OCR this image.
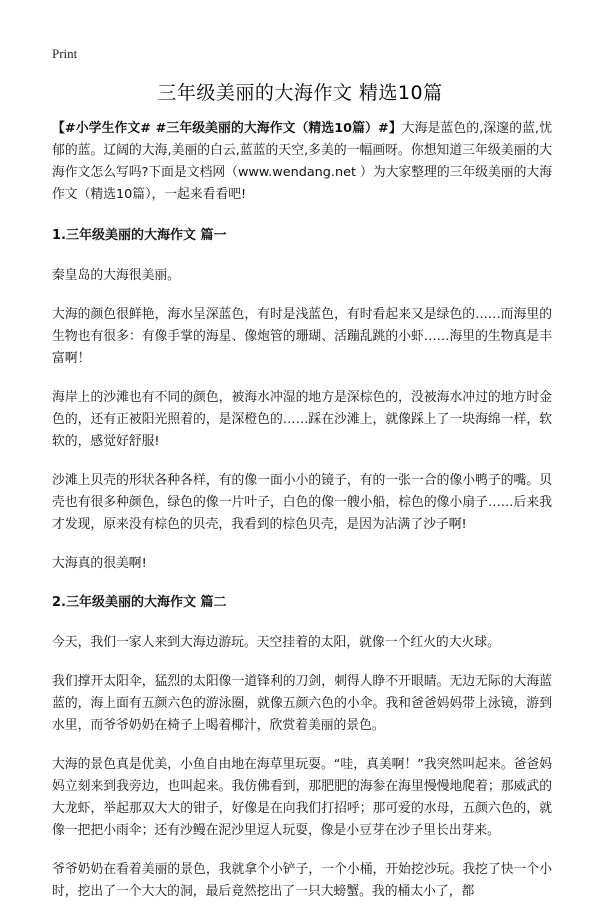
Print
三年级美丽的大海作文 精选10篇

【#小学生作文# #三年级美丽的大海作文（精选10篇）#】大海是蓝色的,深邃的蓝,忧郁的蓝。辽阔的大海,美丽的白云,蓝蓝的天空,多美的一幅画呀。你想知道三年级美丽的大海作文怎么写吗?下面是文档网（www.wendang.net ）为大家整理的三年级美丽的大海作文（精选10篇），一起来看看吧!

1.三年级美丽的大海作文 篇一

秦皇岛的大海很美丽。

大海的颜色很鲜艳，海水呈深蓝色，有时是浅蓝色，有时看起来又是绿色的……而海里的生物也有很多：有像手掌的海星、像炮管的珊瑚、活蹦乱跳的小虾……海里的生物真是丰富啊！

海岸上的沙滩也有不同的颜色，被海水冲湿的地方是深棕色的，没被海水冲过的地方时金色的，还有正被阳光照着的，是深橙色的……踩在沙滩上，就像踩上了一块海绵一样，软软的，感觉好舒服!

沙滩上贝壳的形状各种各样，有的像一面小小的镜子，有的一张一合的像小鸭子的嘴。贝壳也有很多种颜色，绿色的像一片叶子，白色的像一艘小船，棕色的像小扇子……后来我才发现，原来没有棕色的贝壳，我看到的棕色贝壳，是因为沾满了沙子啊!

大海真的很美啊!

2.三年级美丽的大海作文 篇二

今天，我们一家人来到大海边游玩。天空挂着的太阳，就像一个红火的大火球。

我们撑开太阳伞，猛烈的太阳像一道锋利的刀剑，刺得人睁不开眼睛。无边无际的大海蓝蓝的，海上面有五颜六色的游泳圈，就像五颜六色的小伞。我和爸爸妈妈带上泳镜，游到水里，而爷爷奶奶在椅子上喝着椰汁，欣赏着美丽的景色。

大海的景色真是优美，小鱼自由地在海草里玩耍。“哇，真美啊！”我突然叫起来。爸爸妈妈立刻来到我旁边，也叫起来。我仿佛看到，那肥肥的海参在海里慢慢地爬着；那威武的大龙虾，举起那双大大的钳子，好像是在向我们打招呼；那可爱的水母，五颜六色的，就像一把把小雨伞；还有沙鳗在泥沙里逗人玩耍，像是小豆芽在沙子里长出芽来。

爷爷奶奶在看着美丽的景色，我就拿个小铲子，一个小桶，开始挖沙玩。我挖了快一个小时，挖出了一个大大的洞，最后竟然挖出了一只大螃蟹。我的桶太小了，都
